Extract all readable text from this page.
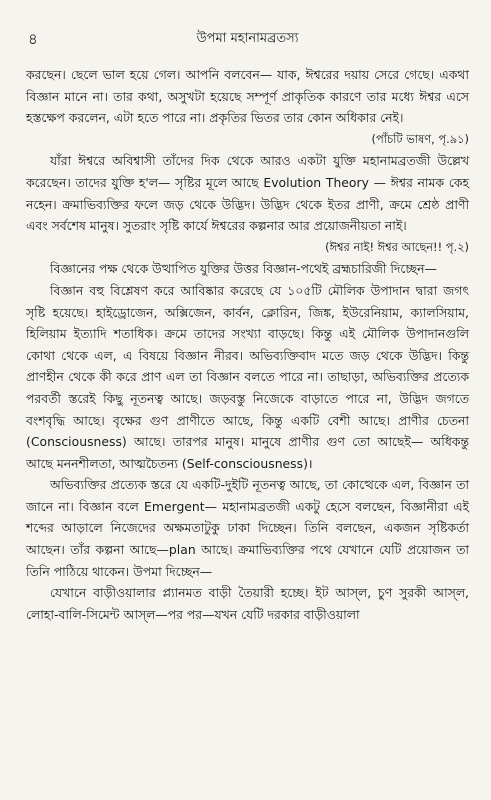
৪	উপমা মহানামব্রতস্য

করছেন। ছেলে ভাল হয়ে গেল। আপনি বলবেন— যাক, ঈশ্বরের দয়ায় সেরে গেছে। একথা বিজ্ঞান মানে না। তার কথা, অসুখটা হয়েছে সম্পূর্ণ প্রাকৃতিক কারণে তার মধ্যে ঈশ্বর এসে হস্তক্ষেপ করলেন, এটা হতে পারে না। প্রকৃতির ভিতর তার কোন অধিকার নেই।
(পাঁচটি ভাষণ, পৃ.৯১)

যাঁরা ঈশ্বরে অবিশ্বাসী তাঁদের দিক থেকে আরও একটা যুক্তি মহানামব্রতজী উল্লেখ করেছেন। তাদের যুক্তি হ'ল— সৃষ্টির মূলে আছে Evolution Theory — ঈশ্বর নামক কেহ নহেন। ক্রমাভিব্যক্তির ফলে জড় থেকে উদ্ভিদ। উদ্ভিদ থেকে ইতর প্রাণী, ক্রমে শ্রেষ্ঠ প্রাণী এবং সর্বশেষ মানুষ। সুতরাং সৃষ্টি কার্যে ঈশ্বরের কল্পনার আর প্রয়োজনীয়তা নাই।
(ঈশ্বর নাই! ঈশ্বর আছেন!! পৃ.২)

বিজ্ঞানের পক্ষ থেকে উত্থাপিত যুক্তির উত্তর বিজ্ঞান-পথেই ব্রহ্মচারিজী দিচ্ছেন—

বিজ্ঞান বহু বিশ্লেষণ করে আবিষ্কার করেছে যে ১০৫টি মৌলিক উপাদান দ্বারা জগৎ সৃষ্টি হয়েছে। হাইড্রোজেন, অক্সিজেন, কার্বন, ক্লোরিন, জিঙ্ক, ইউরেনিয়াম, ক্যালসিয়াম, হিলিয়াম ইত্যাদি শতাধিক। ক্রমে তাদের সংখ্যা বাড়ছে। কিন্তু এই মৌলিক উপাদানগুলি কোথা থেকে এল, এ বিষয়ে বিজ্ঞান নীরব। অভিব্যক্তিবাদ মতে জড় থেকে উদ্ভিদ। কিন্তু প্রাণহীন থেকে কী করে প্রাণ এল তা বিজ্ঞান বলতে পারে না। তাছাড়া, অভিব্যক্তির প্রত্যেক পরবর্তী স্তরেই কিছু নূতনত্ব আছে। জড়বস্তু নিজেকে বাড়াতে পারে না, উদ্ভিদ জগতে বংশবৃদ্ধি আছে। বৃক্ষের গুণ প্রাণীতে আছে, কিন্তু একটি বেশী আছে। প্রাণীর চেতনা (Consciousness) আছে। তারপর মানুষ। মানুষে প্রাণীর গুণ তো আছেই— অধিকন্তু আছে মননশীলতা, আত্মচৈতন্য (Self-consciousness)।

অভিব্যক্তির প্রত্যেক স্তরে যে একটি-দুইটি নূতনত্ব আছে, তা কোত্থেকে এল, বিজ্ঞান তা জানে না। বিজ্ঞান বলে Emergent— মহানামব্রতজী একটু হেসে বলছেন, বিজ্ঞানীরা এই শব্দের আড়ালে নিজেদের অক্ষমতাটুকু ঢাকা দিচ্ছেন। তিনি বলছেন, একজন সৃষ্টিকর্তা আছেন। তাঁর কল্পনা আছে—plan আছে। ক্রমাভিব্যক্তির পথে যেখানে যেটি প্রয়োজন তা তিনি পাঠিয়ে থাকেন। উপমা দিচ্ছেন—

যেখানে বাড়ীওয়ালার প্ল্যানমত বাড়ী তৈয়ারী হচ্ছে। ইট আস্‌ল, চুণ সুরকী আস্‌ল, লোহা-বালি-সিমেন্ট আস্‌ল—পর পর—যখন যেটি দরকার বাড়ীওয়ালা
